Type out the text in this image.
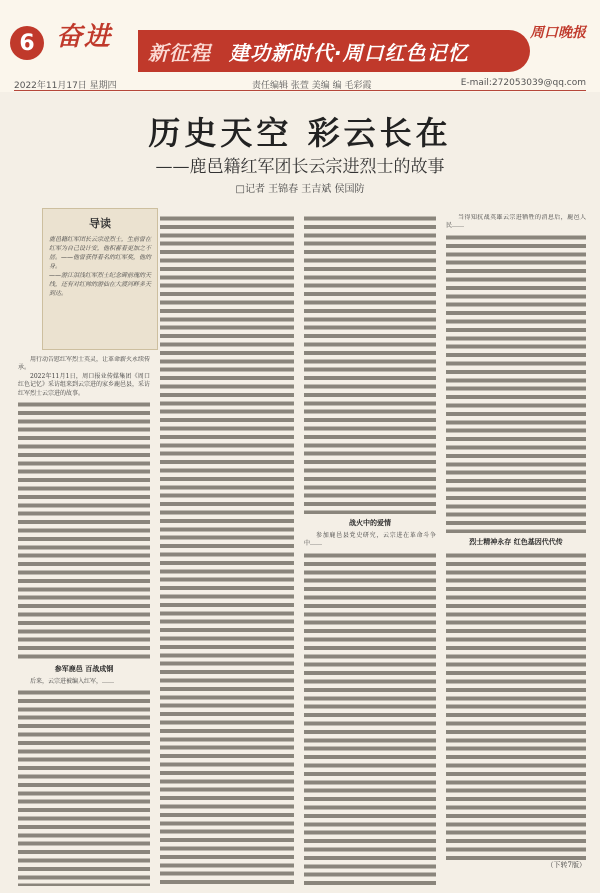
6 奋进
新征程 建功新时代·周口红色记忆
周口晚报
2022年11月17日 星期四	责任编辑 张萱 美编 编 毛彩霞	E-mail:272053039@qq.com
历史天空 彩云长在
——鹿邑籍红军团长云宗进烈士的故事
□记者 王锦春 王吉斌 侯国防
导读
鹿邑籍红军团长云宗进烈士，生前曾在红军为自己设计安，他积蓄着更加之不居。——他曾获得着名的红军奖，他的身。
——游江泪浅红军烈士纪念碑前瑰的天线，还有对红帅的游仙在大渡河畔多天到达。

用行动告慰红军烈士英灵，让革命薪火永续传承。

2022年11月1日，周口报业传媒集团《周口红色记忆》采访组来到云宗进的家乡鹿邑县，采访红军烈士云宗进的故事。

参军鹿邑 百战成钢

后来，云宗进被编入红军，……

战火中的爱情

参加鹿邑县党史研究，云宗进在革命斗争中……

当得知抗战英雄云宗进牺牲的消息后，鹿邑人民……

烈士精神永存 红色基因代代传
（下转7版）
